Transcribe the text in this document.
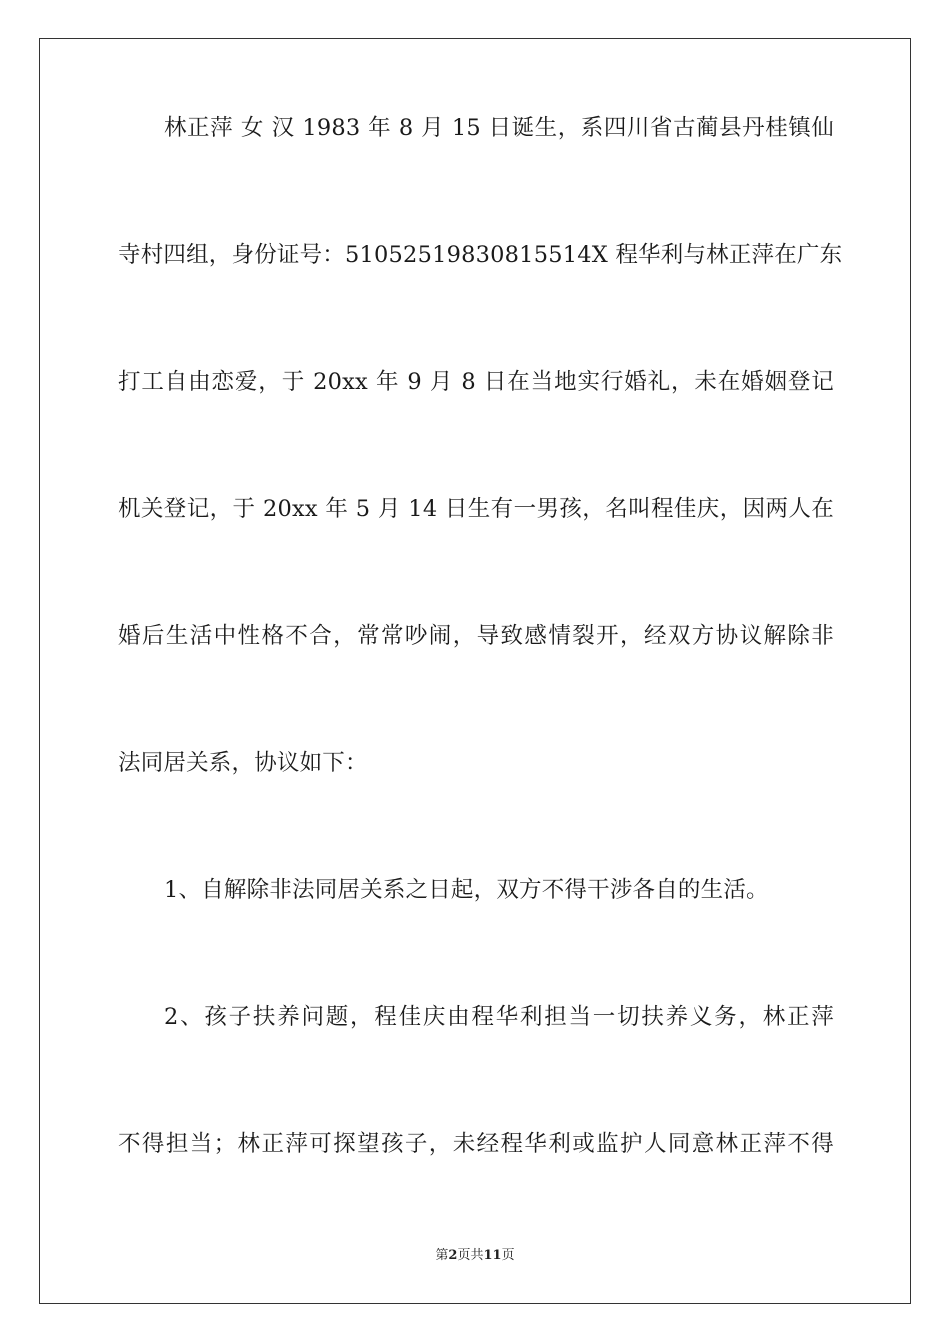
林正萍 女 汉 1983 年 8 月 15 日诞生，系四川省古蔺县丹桂镇仙
寺村四组，身份证号：51052519830815514X 程华利与林正萍在广东
打工自由恋爱，于 20xx 年 9 月 8 日在当地实行婚礼，未在婚姻登记
机关登记，于 20xx 年 5 月 14 日生有一男孩，名叫程佳庆，因两人在
婚后生活中性格不合，常常吵闹，导致感情裂开，经双方协议解除非
法同居关系，协议如下：
1、自解除非法同居关系之日起，双方不得干涉各自的生活。
2、孩子扶养问题，程佳庆由程华利担当一切扶养义务，林正萍
不得担当；林正萍可探望孩子，未经程华利或监护人同意林正萍不得
第2页共11页
